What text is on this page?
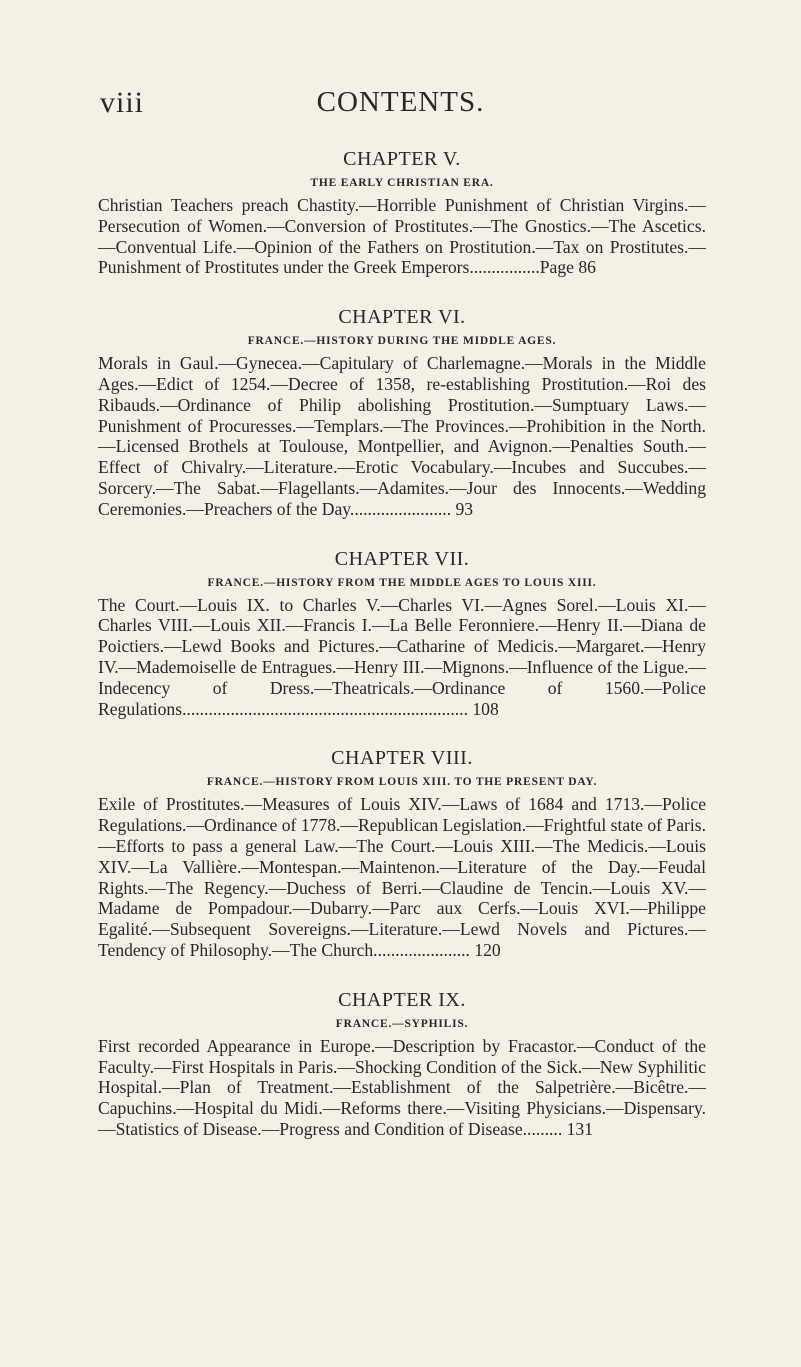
viii	CONTENTS.
CHAPTER V.
THE EARLY CHRISTIAN ERA.

Christian Teachers preach Chastity.—Horrible Punishment of Christian Virgins.—Persecution of Women.—Conversion of Prostitutes.—The Gnostics.—The Ascetics.—Conventual Life.—Opinion of the Fathers on Prostitution.—Tax on Prostitutes.—Punishment of Prostitutes under the Greek Emperors................Page 86

CHAPTER VI.
FRANCE.—HISTORY DURING THE MIDDLE AGES.

Morals in Gaul.—Gynecea.—Capitulary of Charlemagne.—Morals in the Middle Ages.—Edict of 1254.—Decree of 1358, re-establishing Prostitution.—Roi des Ribauds.—Ordinance of Philip abolishing Prostitution.—Sumptuary Laws.—Punishment of Procuresses.—Templars.—The Provinces.—Prohibition in the North.—Licensed Brothels at Toulouse, Montpellier, and Avignon.—Penalties South.—Effect of Chivalry.—Literature.—Erotic Vocabulary.—Incubes and Succubes.—Sorcery.—The Sabat.—Flagellants.—Adamites.—Jour des Innocents.—Wedding Ceremonies.—Preachers of the Day....................... 93

CHAPTER VII.
FRANCE.—HISTORY FROM THE MIDDLE AGES TO LOUIS XIII.

The Court.—Louis IX. to Charles V.—Charles VI.—Agnes Sorel.—Louis XI.—Charles VIII.—Louis XII.—Francis I.—La Belle Feronniere.—Henry II.—Diana de Poictiers.—Lewd Books and Pictures.—Catharine of Medicis.—Margaret.—Henry IV.—Mademoiselle de Entragues.—Henry III.—Mignons.—Influence of the Ligue.—Indecency of Dress.—Theatricals.—Ordinance of 1560.—Police Regulations................................................................. 108

CHAPTER VIII.
FRANCE.—HISTORY FROM LOUIS XIII. TO THE PRESENT DAY.

Exile of Prostitutes.—Measures of Louis XIV.—Laws of 1684 and 1713.—Police Regulations.—Ordinance of 1778.—Republican Legislation.—Frightful state of Paris.—Efforts to pass a general Law.—The Court.—Louis XIII.—The Medicis.—Louis XIV.—La Vallière.—Montespan.—Maintenon.—Literature of the Day.—Feudal Rights.—The Regency.—Duchess of Berri.—Claudine de Tencin.—Louis XV.—Madame de Pompadour.—Dubarry.—Parc aux Cerfs.—Louis XVI.—Philippe Egalité.—Subsequent Sovereigns.—Literature.—Lewd Novels and Pictures.—Tendency of Philosophy.—The Church...................... 120

CHAPTER IX.
FRANCE.—SYPHILIS.

First recorded Appearance in Europe.—Description by Fracastor.—Conduct of the Faculty.—First Hospitals in Paris.—Shocking Condition of the Sick.—New Syphilitic Hospital.—Plan of Treatment.—Establishment of the Salpetrière.—Bicêtre.—Capuchins.—Hospital du Midi.—Reforms there.—Visiting Physicians.—Dispensary.—Statistics of Disease.—Progress and Condition of Disease......... 131
